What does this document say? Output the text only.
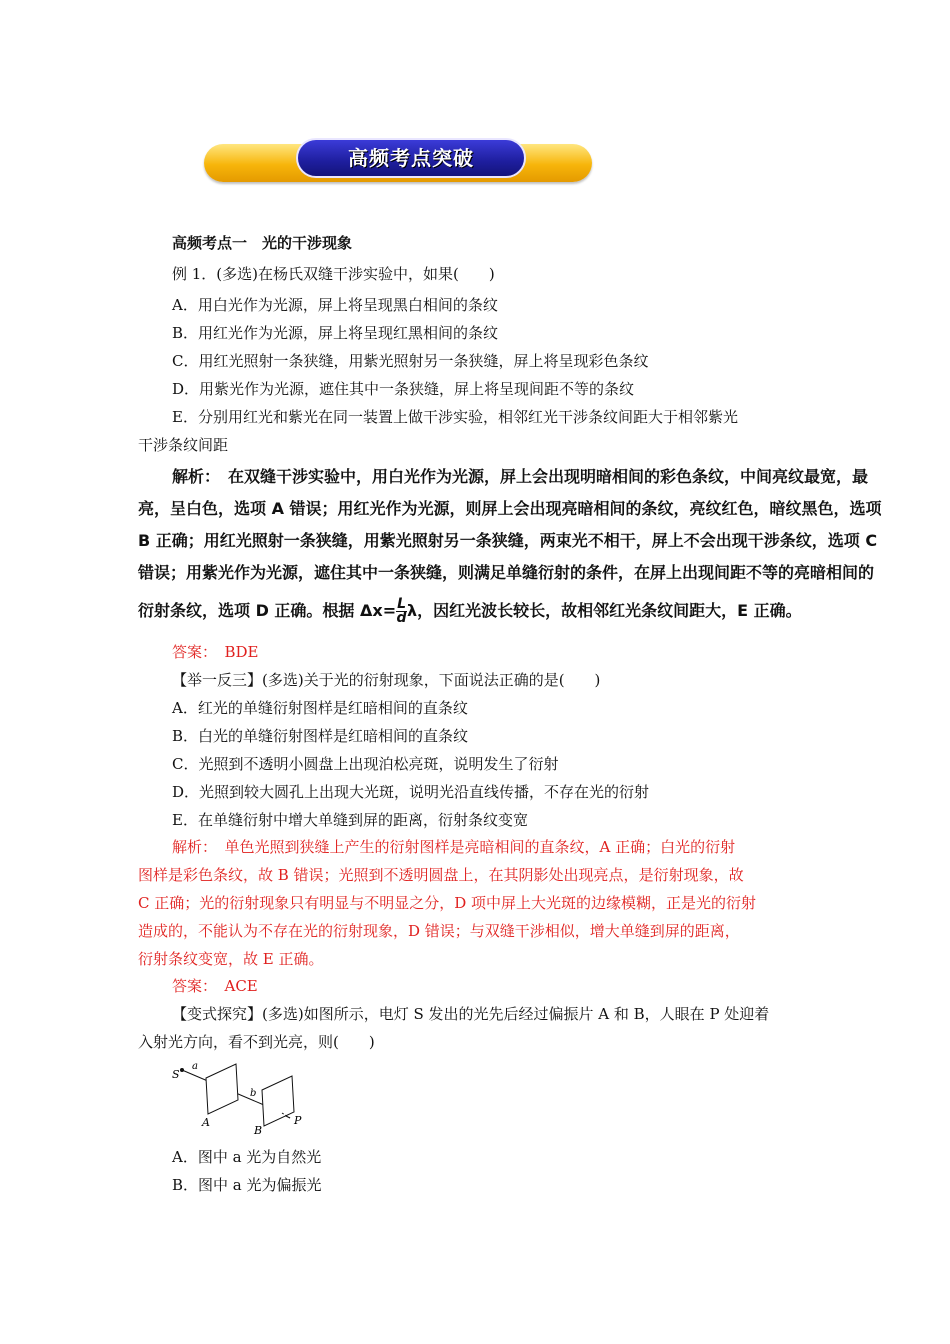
高频考点突破
高频考点一　光的干涉现象
例 1．(多选)在杨氏双缝干涉实验中，如果(　　)
A．用白光作为光源，屏上将呈现黑白相间的条纹
B．用红光作为光源，屏上将呈现红黑相间的条纹
C．用红光照射一条狭缝，用紫光照射另一条狭缝，屏上将呈现彩色条纹
D．用紫光作为光源，遮住其中一条狭缝，屏上将呈现间距不等的条纹
E．分别用红光和紫光在同一装置上做干涉实验，相邻红光干涉条纹间距大于相邻紫光
干涉条纹间距
解析：　在双缝干涉实验中，用白光作为光源，屏上会出现明暗相间的彩色条纹，中间亮纹最宽，最
亮，呈白色，选项 A 错误；用红光作为光源，则屏上会出现亮暗相间的条纹，亮纹红色，暗纹黑色，选项
B 正确；用红光照射一条狭缝，用紫光照射另一条狭缝，两束光不相干，屏上不会出现干涉条纹，选项 C
错误；用紫光作为光源，遮住其中一条狭缝，则满足单缝衍射的条件，在屏上出现间距不等的亮暗相间的
衍射条纹，选项 D 正确。根据 $\Delta x= \frac{L}{d}$ λ，因红光波长较长，故相邻红光条纹间距大，E 正确。
答案：　BDE
【举一反三】(多选)关于光的衍射现象，下面说法正确的是(　　)
A．红光的单缝衍射图样是红暗相间的直条纹
B．白光的单缝衍射图样是红暗相间的直条纹
C．光照到不透明小圆盘上出现泊松亮斑，说明发生了衍射
D．光照到较大圆孔上出现大光斑，说明光沿直线传播，不存在光的衍射
E．在单缝衍射中增大单缝到屏的距离，衍射条纹变宽
解析：　单色光照到狭缝上产生的衍射图样是亮暗相间的直条纹，A 正确；白光的衍射
图样是彩色条纹，故 B 错误；光照到不透明圆盘上，在其阴影处出现亮点，是衍射现象，故
C 正确；光的衍射现象只有明显与不明显之分，D 项中屏上大光斑的边缘模糊，正是光的衍射
造成的，不能认为不存在光的衍射现象，D 错误；与双缝干涉相似，增大单缝到屏的距离，
衍射条纹变宽，故 E 正确。
答案：　ACE
【变式探究】(多选)如图所示，电灯 S 发出的光先后经过偏振片 A 和 B，人眼在 P 处迎着
入射光方向，看不到光亮，则(　　)
S
a
b
A
B
P
A．图中 a 光为自然光
B．图中 a 光为偏振光
